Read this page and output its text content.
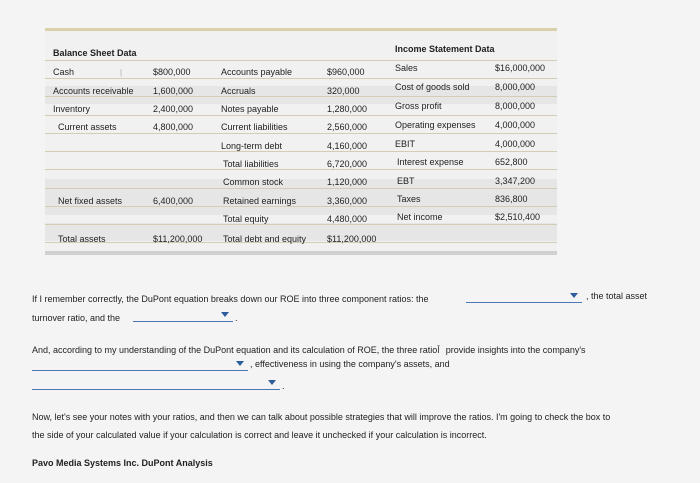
Balance Sheet Data	Income Statement Data
Cash	$800,000
|
Accounts receivable 1,600,000
Inventory	2,400,000
Current assets	4,800,000
Net fixed assets	6,400,000
Total assets	$11,200,000
Accounts payable	$960,000
Accruals	320,000
Notes payable	1,280,000
Current liabilities	2,560,000
Long-term debt	4,160,000
Total liabilities	6,720,000
Common stock	1,120,000
Retained earnings	3,360,000
Total equity	4,480,000
Total debt and equity $11,200,000
Sales	$16,000,000
Cost of goods sold	8,000,000
Gross profit	8,000,000
Operating expenses 4,000,000
EBIT	4,000,000
Interest expense	652,800
EBT	3,347,200
Taxes	836,800
Net income	$2,510,400
If I remember correctly, the DuPont equation breaks down our ROE into three component ratios: the	, the total asset
turnover ratio, and the	.
And, according to my understanding of the DuPont equation and its calculation of ROE, the three ratioĪ provide insights into the company's
, effectiveness in using the company's assets, and
.
Now, let's see your notes with your ratios, and then we can talk about possible strategies that will improve the ratios. I'm going to check the box to
the side of your calculated value if your calculation is correct and leave it unchecked if your calculation is incorrect.
Pavo Media Systems Inc. DuPont Analysis
